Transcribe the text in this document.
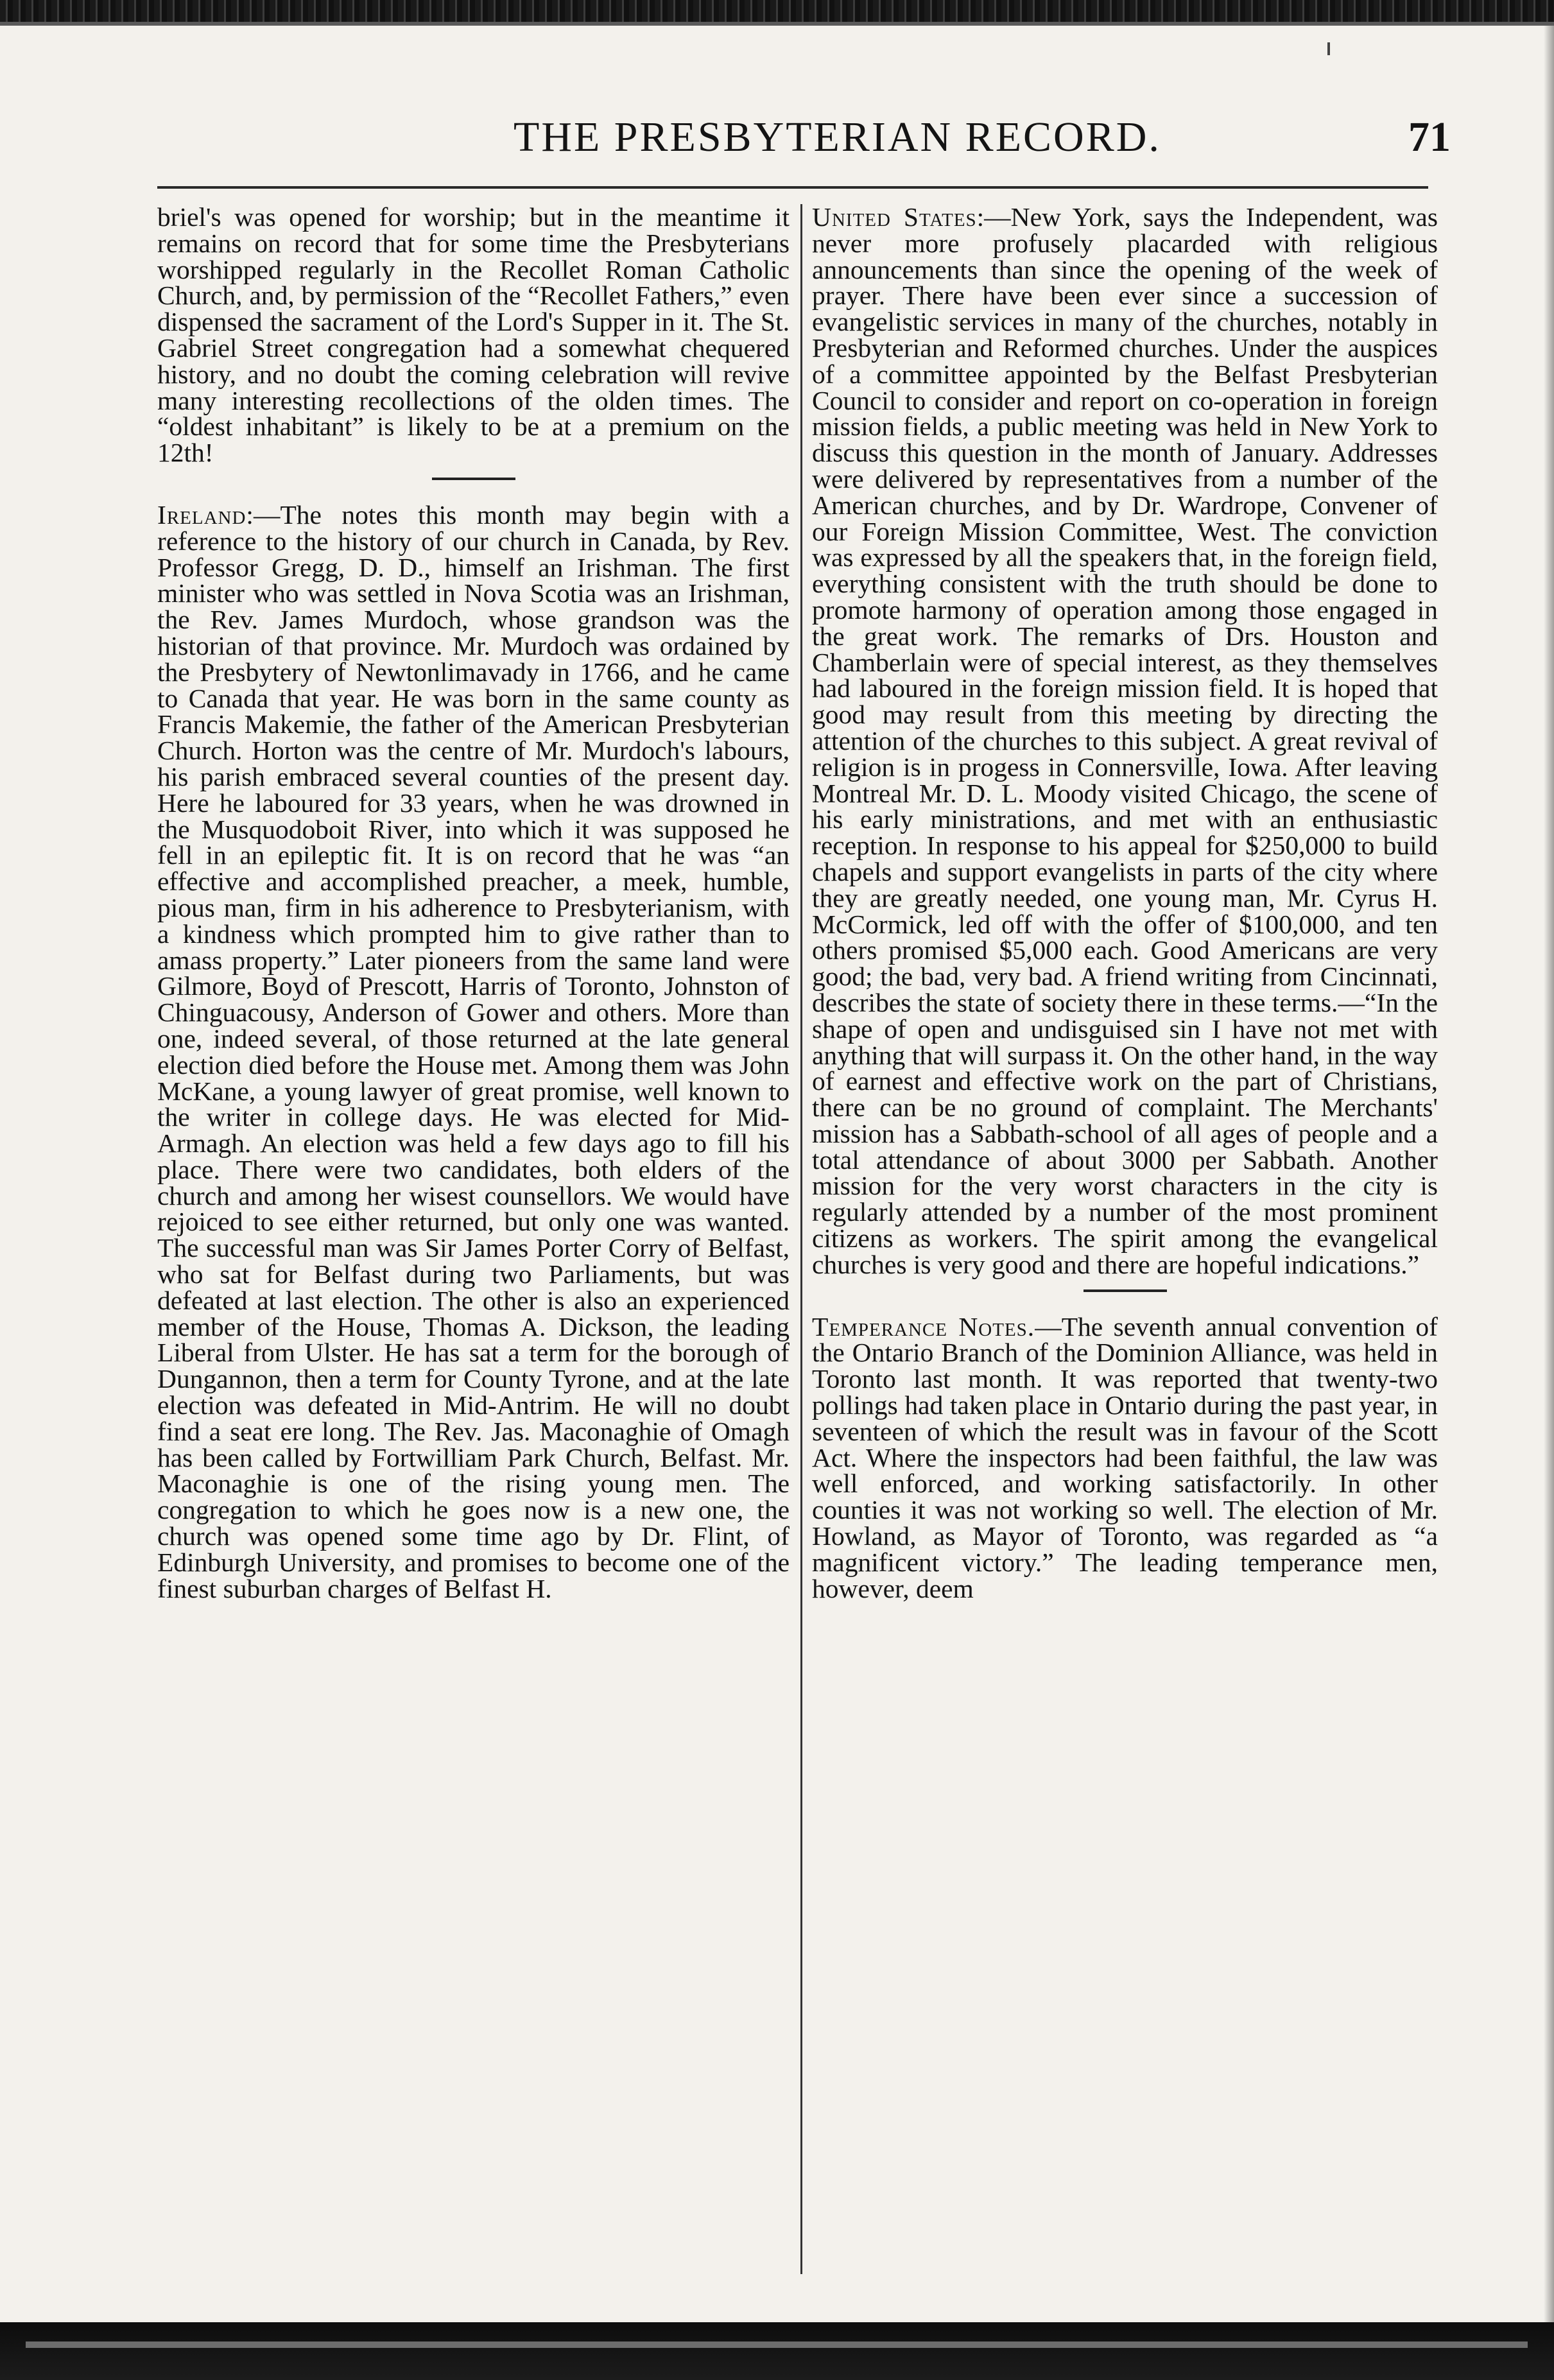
THE PRESBYTERIAN RECORD.	71

briel's was opened for worship; but in the meantime it remains on record that for some time the Presbyterians worshipped regularly in the Recollet Roman Catholic Church, and, by permission of the “Recollet Fathers,” even dispensed the sacrament of the Lord's Supper in it. The St. Gabriel Street congregation had a somewhat chequered history, and no doubt the coming celebration will revive many interesting recollections of the olden times. The “oldest inhabitant” is likely to be at a premium on the 12th!

Ireland:—The notes this month may begin with a reference to the history of our church in Canada, by Rev. Professor Gregg, D. D., himself an Irishman. The first minister who was settled in Nova Scotia was an Irishman, the Rev. James Murdoch, whose grandson was the historian of that province. Mr. Murdoch was ordained by the Presbytery of Newtonlimavady in 1766, and he came to Canada that year. He was born in the same county as Francis Makemie, the father of the American Presbyterian Church. Horton was the centre of Mr. Murdoch's labours, his parish embraced several counties of the present day. Here he laboured for 33 years, when he was drowned in the Musquodoboit River, into which it was supposed he fell in an epileptic fit. It is on record that he was “an effective and accomplished preacher, a meek, humble, pious man, firm in his adherence to Presbyterianism, with a kindness which prompted him to give rather than to amass property.” Later pioneers from the same land were Gilmore, Boyd of Prescott, Harris of Toronto, Johnston of Chinguacousy, Anderson of Gower and others. More than one, indeed several, of those returned at the late general election died before the House met. Among them was John McKane, a young lawyer of great promise, well known to the writer in college days. He was elected for Mid-Armagh. An election was held a few days ago to fill his place. There were two candidates, both elders of the church and among her wisest counsellors. We would have rejoiced to see either returned, but only one was wanted. The successful man was Sir James Porter Corry of Belfast, who sat for Belfast during two Parliaments, but was defeated at last election. The other is also an experienced member of the House, Thomas A. Dickson, the leading Liberal from Ulster. He has sat a term for the borough of Dungannon, then a term for County Tyrone, and at the late election was defeated in Mid-Antrim. He will no doubt find a seat ere long. The Rev. Jas. Maconaghie of Omagh has been called by Fortwilliam Park Church, Belfast. Mr. Maconaghie is one of the rising young men. The congregation to which he goes now is a new one, the church was opened some time ago by Dr. Flint, of Edinburgh University, and promises to become one of the finest suburban charges of Belfast H.

United States:—New York, says the Independent, was never more profusely placarded with religious announcements than since the opening of the week of prayer. There have been ever since a succession of evangelistic services in many of the churches, notably in Presbyterian and Reformed churches. Under the auspices of a committee appointed by the Belfast Presbyterian Council to consider and report on co-operation in foreign mission fields, a public meeting was held in New York to discuss this question in the month of January. Addresses were delivered by representatives from a number of the American churches, and by Dr. Wardrope, Convener of our Foreign Mission Committee, West. The conviction was expressed by all the speakers that, in the foreign field, everything consistent with the truth should be done to promote harmony of operation among those engaged in the great work. The remarks of Drs. Houston and Chamberlain were of special interest, as they themselves had laboured in the foreign mission field. It is hoped that good may result from this meeting by directing the attention of the churches to this subject. A great revival of religion is in progess in Connersville, Iowa. After leaving Montreal Mr. D. L. Moody visited Chicago, the scene of his early ministrations, and met with an enthusiastic reception. In response to his appeal for $250,000 to build chapels and support evangelists in parts of the city where they are greatly needed, one young man, Mr. Cyrus H. McCormick, led off with the offer of $100,000, and ten others promised $5,000 each. Good Americans are very good; the bad, very bad. A friend writing from Cincinnati, describes the state of society there in these terms.—“In the shape of open and undisguised sin I have not met with anything that will surpass it. On the other hand, in the way of earnest and effective work on the part of Christians, there can be no ground of complaint. The Merchants' mission has a Sabbath-school of all ages of people and a total attendance of about 3000 per Sabbath. Another mission for the very worst characters in the city is regularly attended by a number of the most prominent citizens as workers. The spirit among the evangelical churches is very good and there are hopeful indications.”

Temperance Notes.—The seventh annual convention of the Ontario Branch of the Dominion Alliance, was held in Toronto last month. It was reported that twenty-two pollings had taken place in Ontario during the past year, in seventeen of which the result was in favour of the Scott Act. Where the inspectors had been faithful, the law was well enforced, and working satisfactorily. In other counties it was not working so well. The election of Mr. Howland, as Mayor of Toronto, was regarded as “a magnificent victory.” The leading temperance men, however, deem
